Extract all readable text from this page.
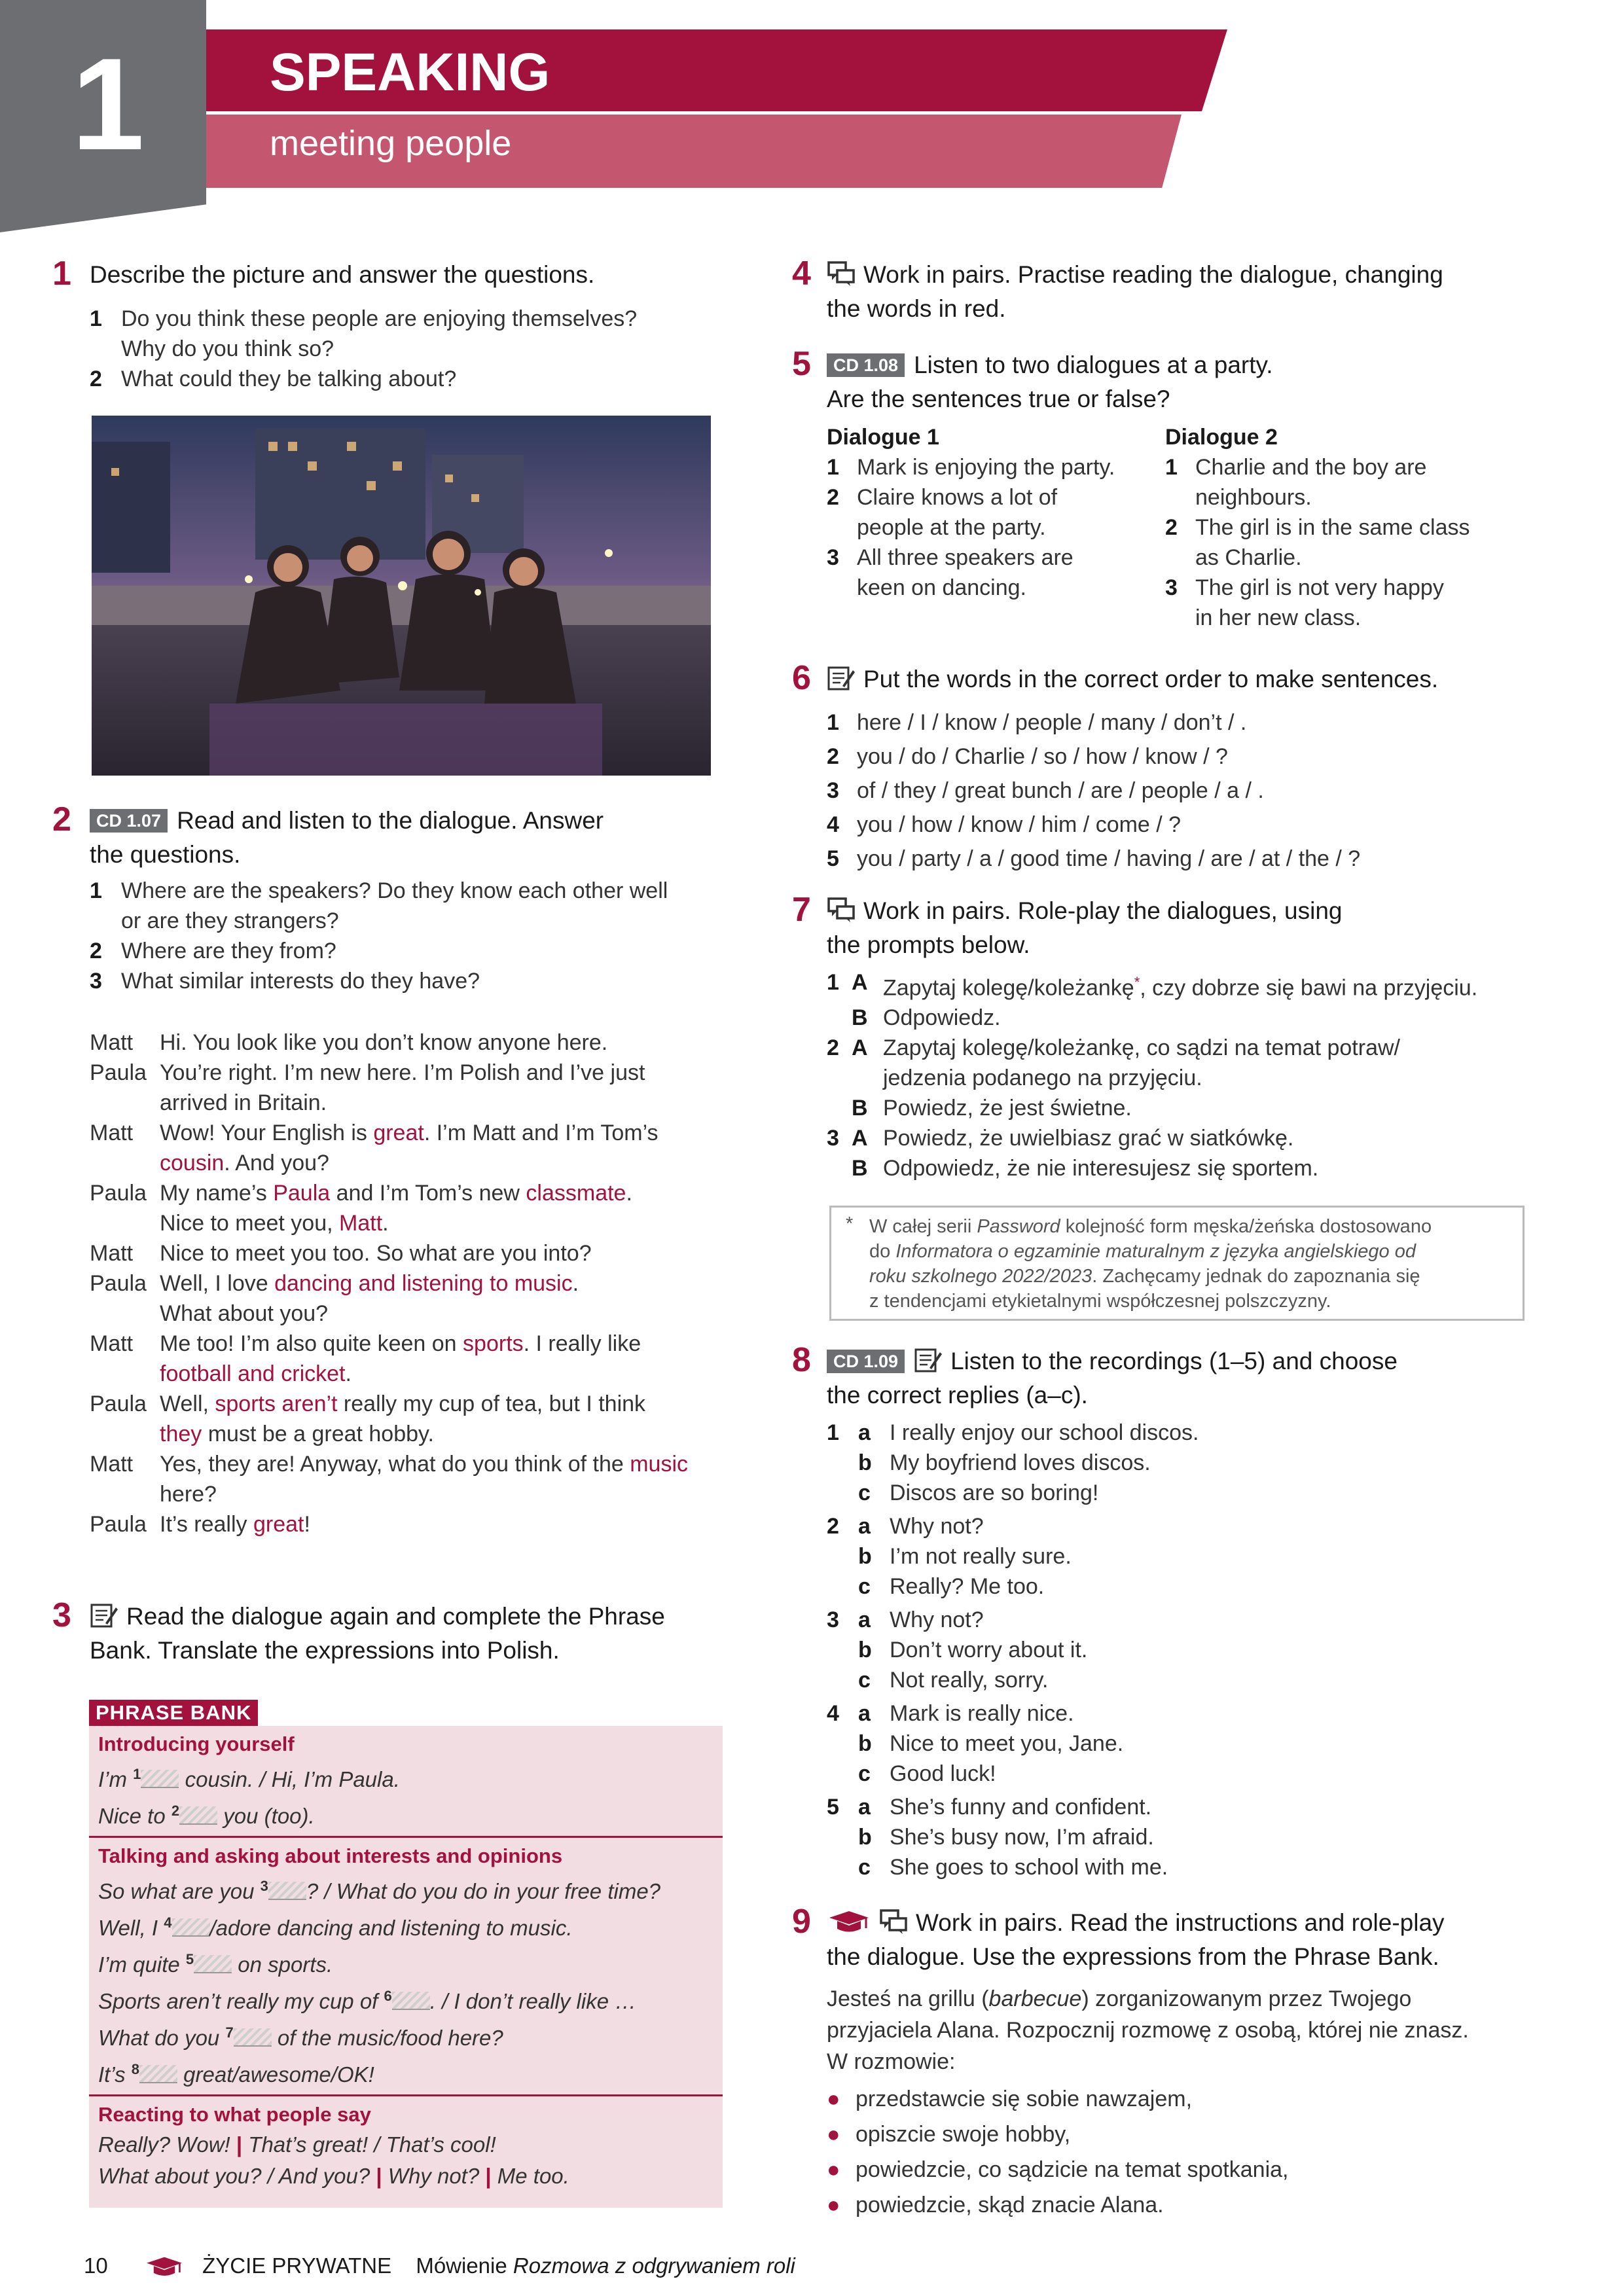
1	SPEAKING
meeting people
1 Describe the picture and answer the questions.
1 Do you think these people are enjoying themselves?
Why do you think so?
2 What could they be talking about?
2	CD 1.07 Read and listen to the dialogue. Answer
the questions.
1 Where are the speakers? Do they know each other well
or are they strangers?
2 Where are they from?
3 What similar interests do they have?
Matt Hi. You look like you don’t know anyone here.
Paula You’re right. I’m new here. I’m Polish and I’ve just
arrived in Britain.
Matt Wow! Your English is great. I’m Matt and I’m Tom’s
cousin. And you?
Paula My name’s Paula and I’m Tom’s new classmate.
Nice to meet you, Matt.
Matt Nice to meet you too. So what are you into?
Paula Well, I love dancing and listening to music.
What about you?
Matt Me too! I’m also quite keen on sports. I really like
football and cricket.
Paula Well, sports aren’t really my cup of tea, but I think
they must be a great hobby.
Matt Yes, they are! Anyway, what do you think of the music
here?
Paula It’s really great!
3	Read the dialogue again and complete the Phrase
Bank. Translate the expressions into Polish.
PHRASE BANK
Introducing yourself
I’m $^1$ cousin. / Hi, I’m Paula.
Nice to $^2$ you (too).
Talking and asking about interests and opinions
So what are you $^3$ ? / What do you do in your free time?
Well, I $^4$ /adore dancing and listening to music.
I’m quite $^5$ on sports.
Sports aren’t really my cup of $^6$ . / I don’t really like …
What do you $^7$ of the music/food here?
It’s $^8$ great/awesome/OK!
Reacting to what people say
Really? Wow! | That’s great! / That’s cool!
What about you? / And you? | Why not? | Me too.
4	Work in pairs. Practise reading the dialogue, changing
the words in red.
5	CD 1.08 Listen to two dialogues at a party.
Are the sentences true or false?
Dialogue 1
1 Mark is enjoying the party.
2 Claire knows a lot of
people at the party.
3 All three speakers are
keen on dancing.
Dialogue 2
1 Charlie and the boy are
neighbours.
2 The girl is in the same class
as Charlie.
3 The girl is not very happy
in her new class.
6	Put the words in the correct order to make sentences.
1 here / I / know / people / many / don’t / .
2 you / do / Charlie / so / how / know / ?
3 of / they / great bunch / are / people / a / .
4 you / how / know / him / come / ?
5 you / party / a / good time / having / are / at / the / ?
7	Work in pairs. Role-play the dialogues, using
the prompts below.
1 A Zapytaj kolegę/koleżankę*, czy dobrze się bawi na przyjęciu.
B Odpowiedz.
2 A Zapytaj kolegę/koleżankę, co sądzi na temat potraw/
jedzenia podanego na przyjęciu.
B Powiedz, że jest świetne.
3 A Powiedz, że uwielbiasz grać w siatkówkę.
B Odpowiedz, że nie interesujesz się sportem.
* W całej serii Password kolejność form męska/żeńska dostosowano
do Informatora o egzaminie maturalnym z języka angielskiego od
roku szkolnego 2022/2023. Zachęcamy jednak do zapoznania się
z tendencjami etykietalnymi współczesnej polszczyzny.
8	CD 1.09 Listen to the recordings (1–5) and choose
the correct replies (a–c).
1 a I really enjoy our school discos.
b My boyfriend loves discos.
c Discos are so boring!
2 a Why not?
b I’m not really sure.
c Really? Me too.
3 a Why not?
b Don’t worry about it.
c Not really, sorry.
4 a Mark is really nice.
b Nice to meet you, Jane.
c Good luck!
5 a She’s funny and confident.
b She’s busy now, I’m afraid.
c She goes to school with me.
9	Work in pairs. Read the instructions and role-play
the dialogue. Use the expressions from the Phrase Bank.
Jesteś na grillu (barbecue) zorganizowanym przez Twojego
przyjaciela Alana. Rozpocznij rozmowę z osobą, której nie znasz.
W rozmowie:
● przedstawcie się sobie nawzajem,
● opiszcie swoje hobby,
● powiedzcie, co sądzicie na temat spotkania,
● powiedzcie, skąd znacie Alana.
10	ŻYCIE PRYWATNE Mówienie Rozmowa z odgrywaniem roli
